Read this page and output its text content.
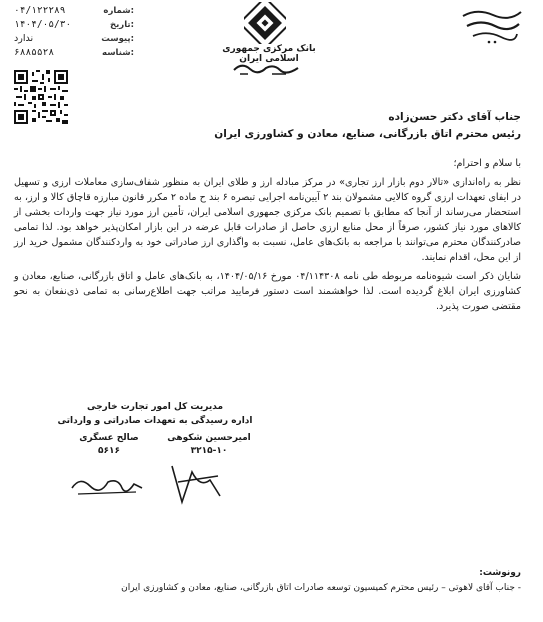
۰۴/۱۲۲۲۸۹	شماره:
۱۴۰۴/۰۵/۳۰	تاریخ:
ندارد	پیوست:
۶۸۸۵۵۲۸	شناسه:	بانک مرکزی جمهوری اسلامی ایران
جناب آقای دکتر حسن‌زاده
رئیس محترم اتاق بازرگانی، صنایع، معادن و کشاورزی ایران
با سلام و احترام؛

نظر به راه‌اندازی «تالار دوم بازار ارز تجاری» در مرکز مبادله ارز و طلای ایران به منظور شفاف‌سازی معاملات ارزی و تسهیل در ایفای تعهدات ارزی گروه کالایی مشمولان بند ۲ آیین‌نامه اجرایی تبصره ۶ بند ح ماده ۲ مکرر قانون مبارزه قاچاق کالا و ارز، به استحضار می‌رساند از آنجا که مطابق با تصمیم بانک مرکزی جمهوری اسلامی ایران، تأمین ارز مورد نیاز جهت واردات بخشی از کالاهای مورد نیاز کشور، صرفاً از محل منابع ارزی حاصل از صادرات قابل عرضه در این بازار امکان‌پذیر خواهد بود. لذا تمامی صادرکنندگان محترم می‌توانند با مراجعه به بانک‌های عامل، نسبت به واگذاری ارز صادراتی خود به واردکنندگان مشمول خرید ارز از این محل، اقدام نمایند.

شایان ذکر است شیوه‌نامه مربوطه طی نامه ۰۴/۱۱۴۳۰۸ مورخ ۱۴۰۴/۰۵/۱۶، به بانک‌های عامل و اتاق بازرگانی، صنایع، معادن و کشاورزی ایران ابلاغ گردیده است. لذا خواهشمند است دستور فرمایید مراتب جهت اطلاع‌رسانی به تمامی ذی‌نفعان به نحو مقتضی صورت پذیرد.

مدیریت کل امور تجارت خارجی
اداره رسیدگی به تعهدات صادراتی و وارداتی
امیرحسین شکوهی
۳۲۱۵-۱۰
صالح عسگری
۵۶۱۶
رونوشت:
- جناب آقای لاهوتی – رئیس محترم کمیسیون توسعه صادرات اتاق بازرگانی، صنایع، معادن و کشاورزی ایران
